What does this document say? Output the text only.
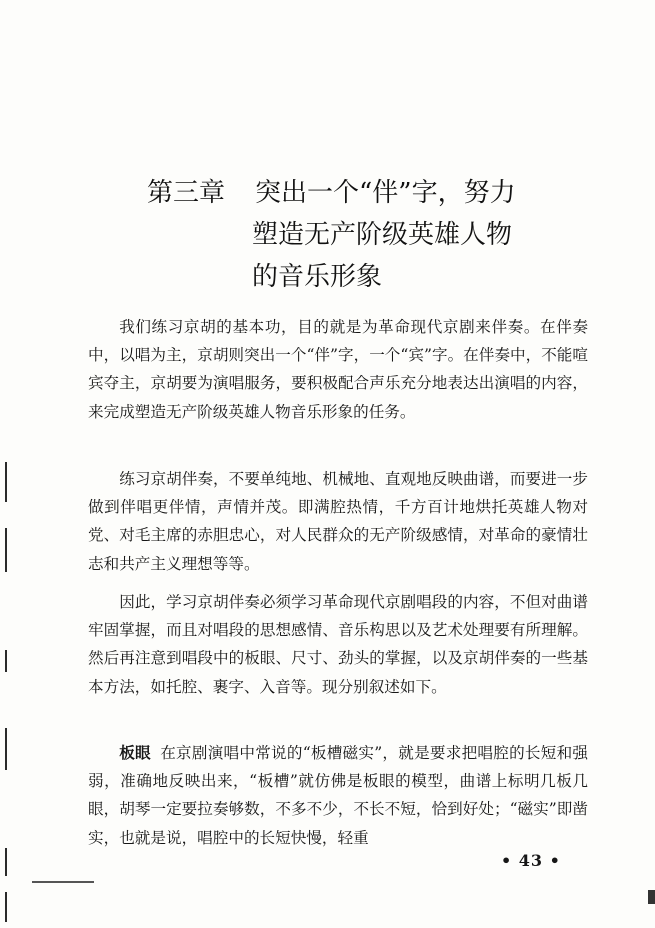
第三章 突出一个“伴”字，努力
塑造无产阶级英雄人物
的音乐形象

我们练习京胡的基本功，目的就是为革命现代京剧来伴奏。在伴奏中，以唱为主，京胡则突出一个“伴”字，一个“宾”字。在伴奏中，不能喧宾夺主，京胡要为演唱服务，要积极配合声乐充分地表达出演唱的内容，来完成塑造无产阶级英雄人物音乐形象的任务。

练习京胡伴奏，不要单纯地、机械地、直观地反映曲谱，而要进一步做到伴唱更伴情，声情并茂。即满腔热情，千方百计地烘托英雄人物对党、对毛主席的赤胆忠心，对人民群众的无产阶级感情，对革命的豪情壮志和共产主义理想等等。

因此，学习京胡伴奏必须学习革命现代京剧唱段的内容，不但对曲谱牢固掌握，而且对唱段的思想感情、音乐构思以及艺术处理要有所理解。然后再注意到唱段中的板眼、尺寸、劲头的掌握，以及京胡伴奏的一些基本方法，如托腔、裹字、入音等。现分别叙述如下。

板眼 在京剧演唱中常说的“板槽磁实”，就是要求把唱腔的长短和强弱，准确地反映出来，“板槽”就仿佛是板眼的模型，曲谱上标明几板几眼，胡琴一定要拉奏够数，不多不少，不长不短，恰到好处；“磁实”即凿实，也就是说，唱腔中的长短快慢，轻重

• 43 •
